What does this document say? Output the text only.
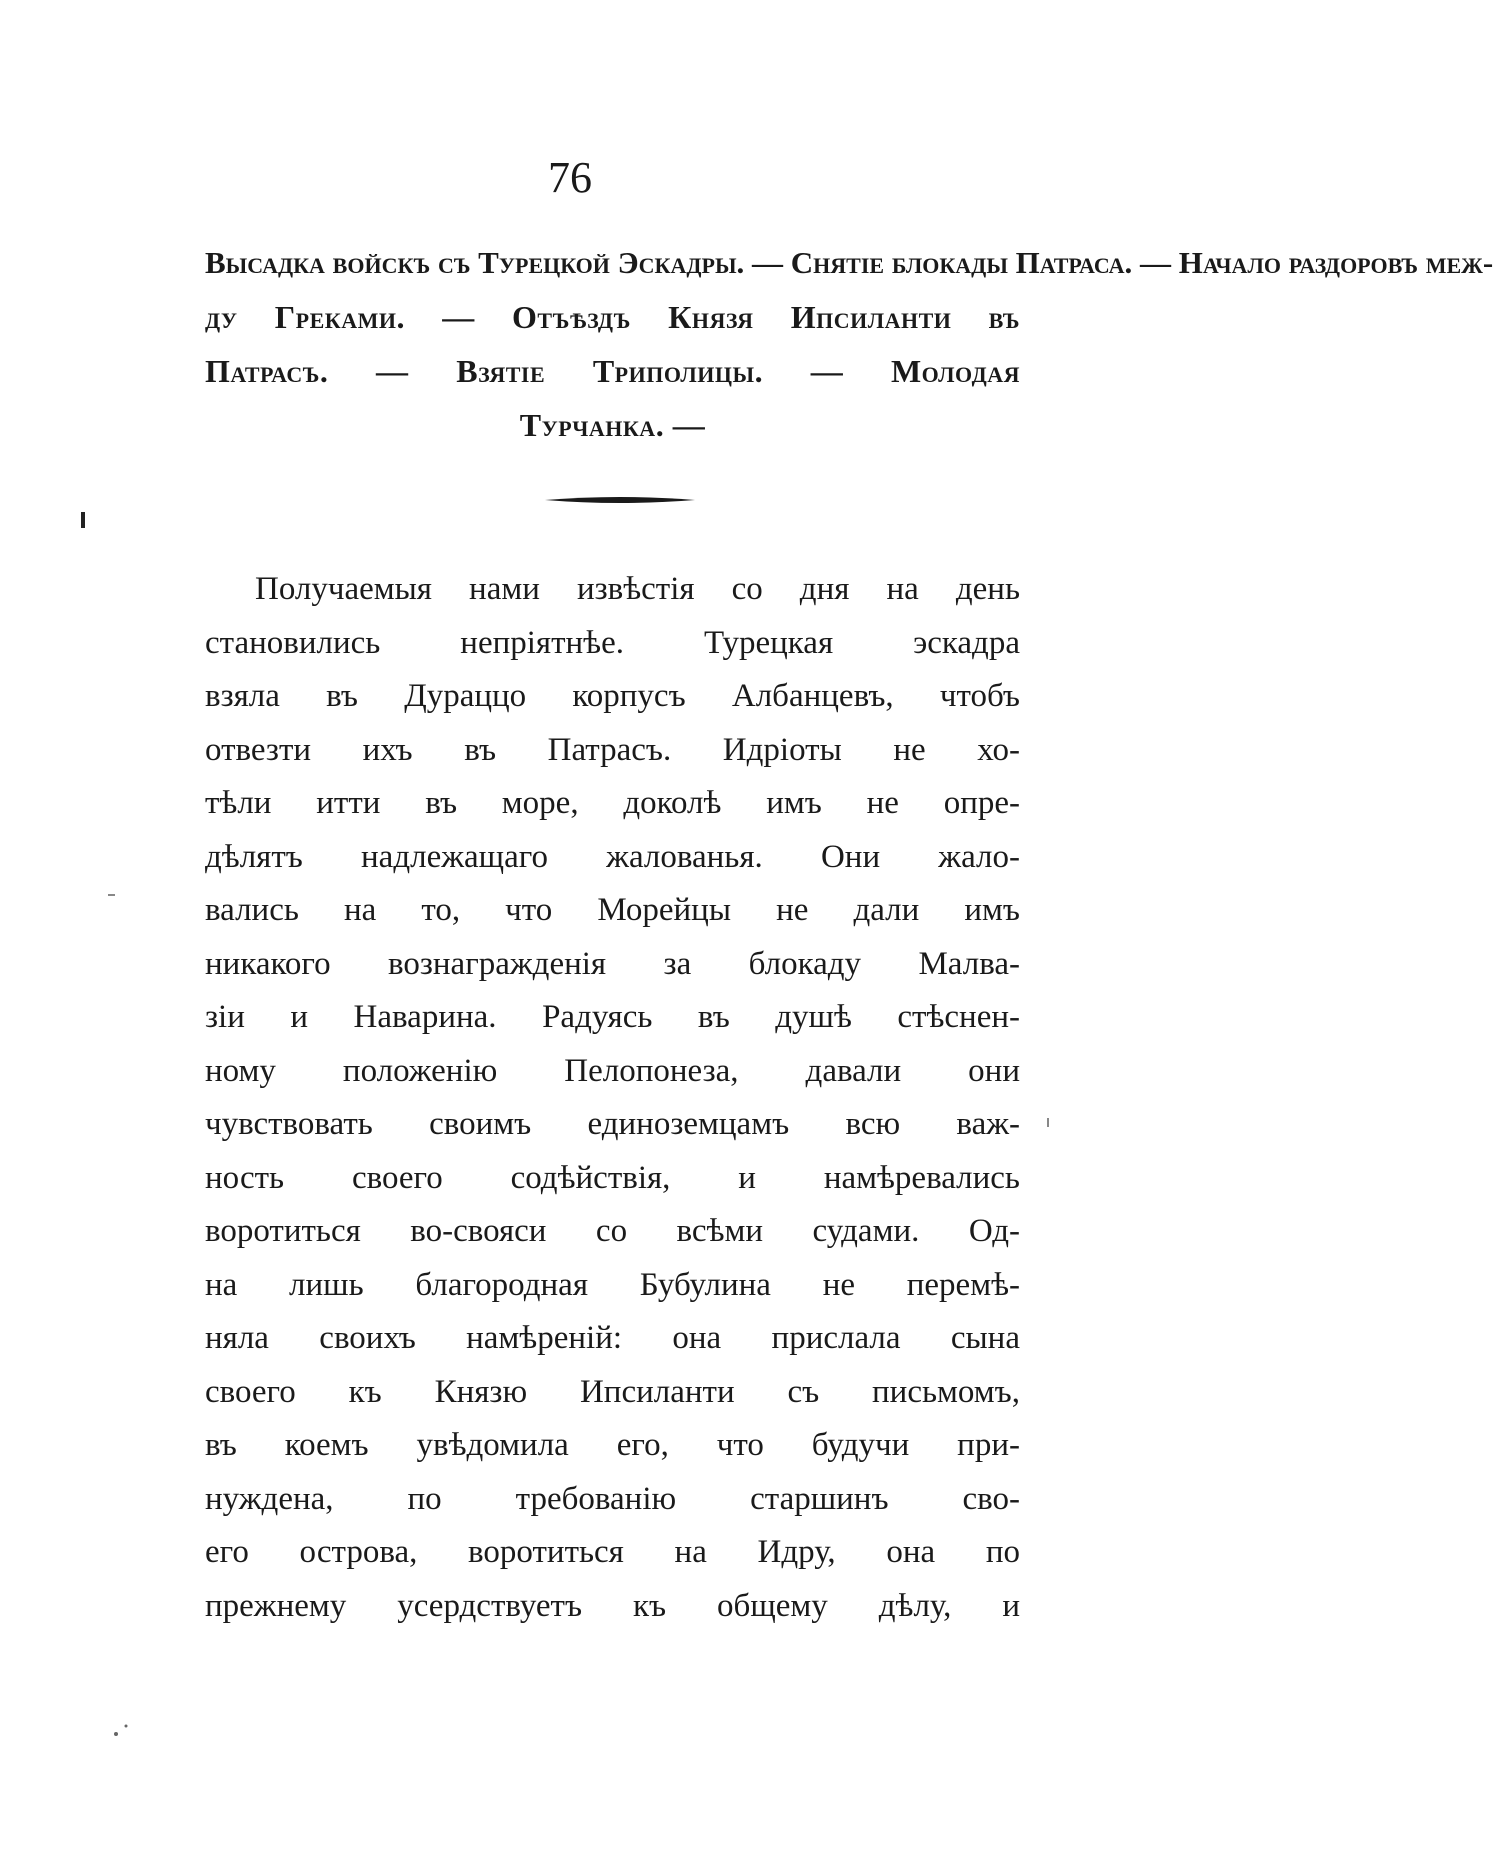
76
Высадка войскъ съ Турецкой Эскадры. — Снятіе блокады Патраса. — Начало раздоровъ меж-
ду Греками. — Отъѣздъ Князя Ипсиланти въ
Патрасъ. — Взятіе Триполицы. — Молодая
Турчанка. —
Получаемыя нами извѣстія со дня на день
становились непріятнѣе. Турецкая эскадра
взяла въ Дураццо корпусъ Албанцевъ, чтобъ
отвезти ихъ въ Патрасъ. Идріоты не хо-
тѣли итти въ море, доколѣ имъ не опре-
дѣлятъ надлежащаго жалованья. Они жало-
вались на то, что Морейцы не дали имъ
никакого вознагражденія за блокаду Малва-
зіи и Наварина. Радуясь въ душѣ стѣснен-
ному положенію Пелопонеза, давали они
чувствовать своимъ единоземцамъ всю важ-
ность своего содѣйствія, и намѣревались
воротиться во-свояси со всѣми судами. Од-
на лишь благородная Бубулина не перемѣ-
няла своихъ намѣреній: она прислала сына
своего къ Князю Ипсиланти съ письмомъ,
въ коемъ увѣдомила его, что будучи при-
нуждена, по требованію старшинъ сво-
его острова, воротиться на Идру, она по
прежнему усердствуетъ къ общему дѣлу, и
